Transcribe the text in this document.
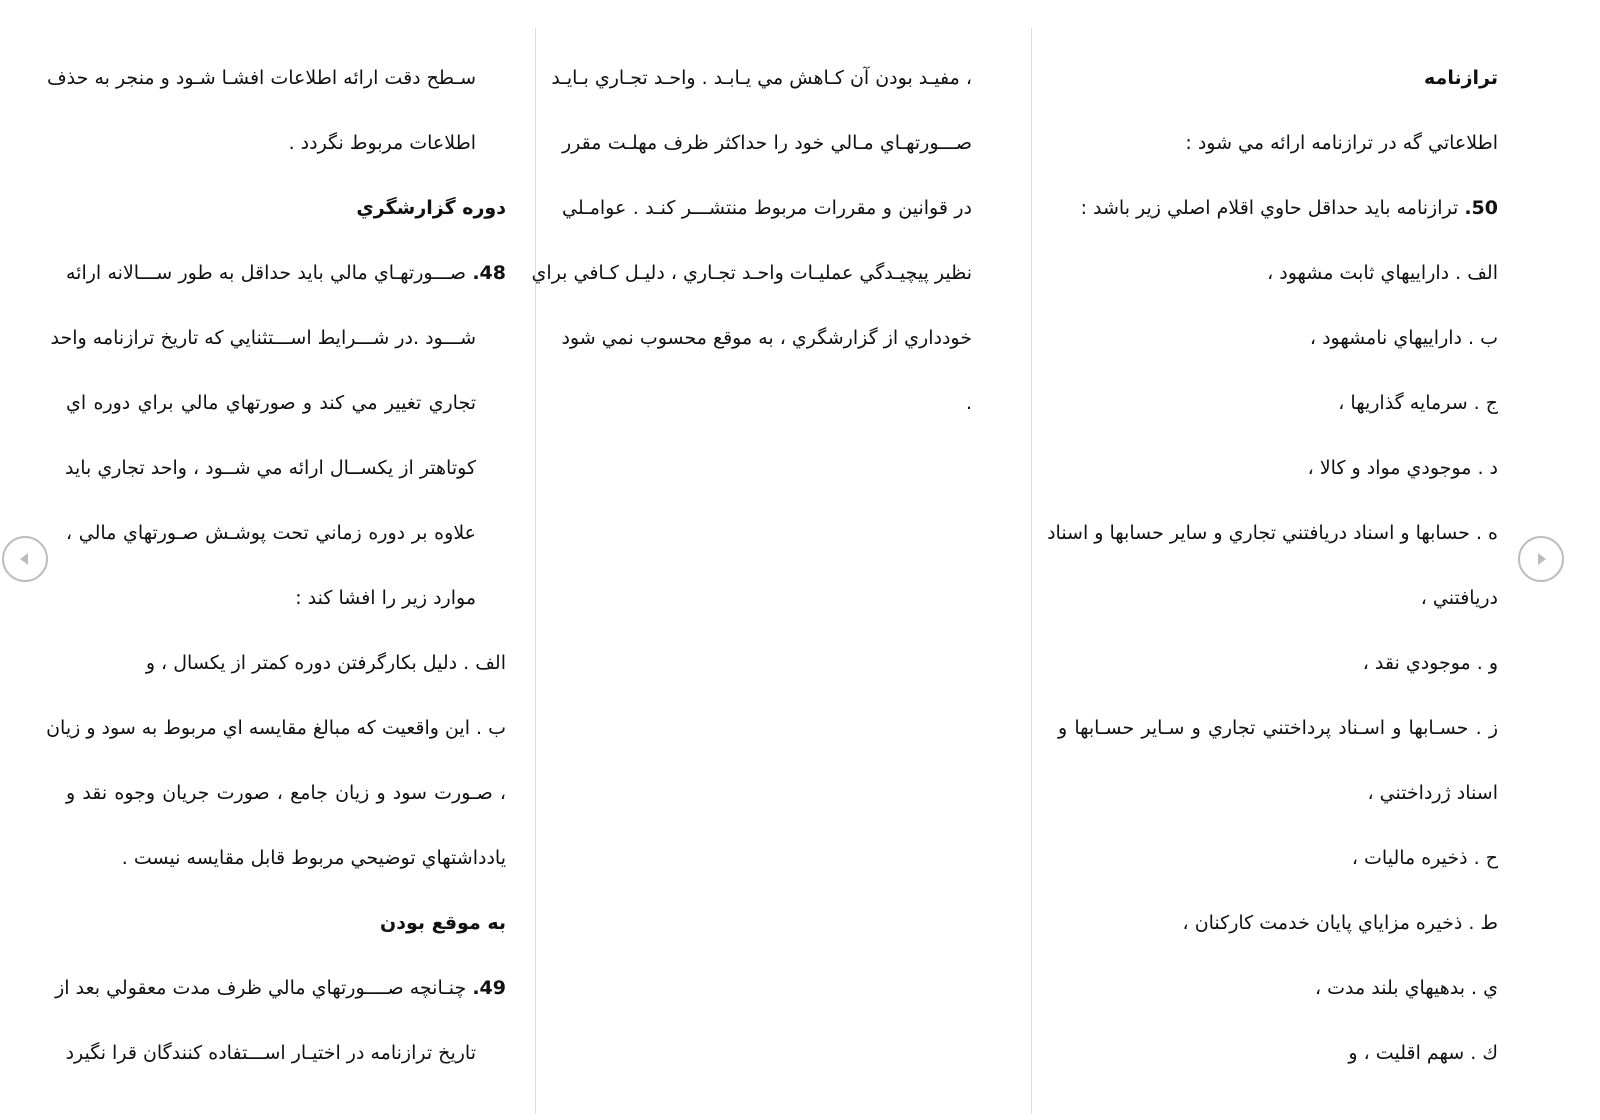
ترازنامه
اطلاعاتي گه در ترازنامه ارائه مي شود :
50. ترازنامه بايد حداقل حاوي اقلام اصلي زير باشد :
الف . داراييهاي ثابت مشهود ،
ب . داراييهاي نامشهود ،
ج . سرمايه گذاريها ،
د . موجودي مواد و كالا ،
ه . حسابها و اسناد دريافتني تجاري و ساير حسابها و اسناد
دريافتني ،
و . موجودي نقد ،
ز . حسـابها و اسـناد پرداختني تجاري و سـاير حسـابها و
اسناد ژرداختني ،
ح . ذخيره ماليات ،
ط . ذخيره مزاياي پايان خدمت كاركنان ،
ي . بدهيهاي بلند مدت ،
ك . سهم اقليت ، و
، مفيـد بودن آن كـاهش مي يـابـد . واحـد تجـاري بـايـد
صـــورتهـاي مـالي خود را حداكثر ظرف مهلـت مقرر
در قوانين و مقررات مربوط منتشـــر كنـد . عوامـلي
نظير پيچيـدگي عمليـات واحـد تجـاري ، دليـل كـافي براي
خودداري از گزارشگري ، به موقع محسوب نمي شود
.
سـطح دقت ارائه اطلاعات افشـا شـود و منجر به حذف
اطلاعات مربوط نگردد .
دوره گزارشگري
48. صـــورتهـاي مالي بايد حداقل به طور ســـالانه ارائه
شـــود .در شـــرايط اســـتثنايي كه تاريخ ترازنامه واحد
تجاري تغيير مي كند و صورتهاي مالي براي دوره اي
كوتاهتر از يكســال ارائه مي شــود ، واحد تجاري بايد
علاوه بر دوره زماني تحت پوشـش صـورتهاي مالي ،
موارد زير را افشا كند :
الف . دليل بكارگرفتن دوره كمتر از يكسال ، و
ب . اين واقعيت كه مبالغ مقايسه اي مربوط به سود و زيان
، صـورت سود و زيان جامع ، صورت جريان وجوه نقد و
يادداشتهاي توضيحي مربوط قابل مقايسه نيست .
به موقع بودن
49. چنـانچه صــــورتهاي مالي ظرف مدت معقولي بعد از
تاريخ ترازنامه در اختيـار اســـتفاده كنندگان قرا نگيرد
